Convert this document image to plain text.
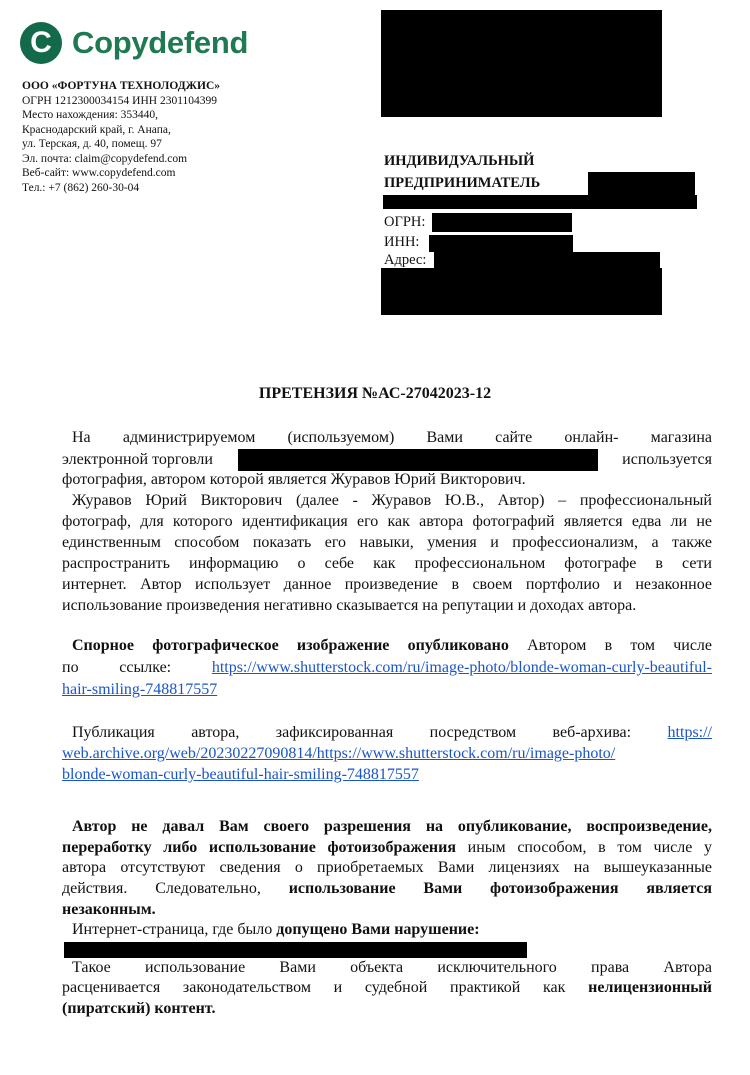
C Copydefend
ООО «ФОРТУНА ТЕХНОЛОДЖИС»
ОГРН 1212300034154 ИНН 2301104399
Место нахождения: 353440,
Краснодарский край, г. Анапа,
ул. Терская, д. 40, помещ. 97
Эл. почта: claim@copydefend.com
Веб-сайт: www.copydefend.com
Тел.: +7 (862) 260-30-04
ИНДИВИДУАЛЬНЫЙ
ПРЕДПРИНИМАТЕЛЬ
ОГРН:
ИНН:
Адрес:
ПРЕТЕНЗИЯ №АС-27042023-12
На администрируемом (используемом) Вами сайте онлайн- магазина
электронной торговли	используется
фотография, автором которой является Журавов Юрий Викторович.
Журавов Юрий Викторович (далее - Журавов Ю.В., Автор) – профессиональный
фотограф, для которого идентификация его как автора фотографий является едва ли не
единственным способом показать его навыки, умения и профессионализм, а также
распространить информацию о себе как профессиональном фотографе в сети
интернет. Автор использует данное произведение в своем портфолио и незаконное
использование произведения негативно сказывается на репутации и доходах автора.
Спорное фотографическое изображение опубликовано Автором в том числе
по ссылке: https://www.shutterstock.com/ru/image-photo/blonde-woman-curly-beautiful-
hair-smiling-748817557
Публикация автора, зафиксированная посредством веб-архива: https://
web.archive.org/web/20230227090814/https://www.shutterstock.com/ru/image-photo/
blonde-woman-curly-beautiful-hair-smiling-748817557
Автор не давал Вам своего разрешения на опубликование, воспроизведение,
переработку либо использование фотоизображения иным способом, в том числе у
автора отсутствуют сведения о приобретаемых Вами лицензиях на вышеуказанные
действия. Следовательно, использование Вами фотоизображения является
незаконным.
Интернет-страница, где было допущено Вами нарушение:
Такое использование Вами объекта исключительного права Автора
расценивается законодательством и судебной практикой как нелицензионный
(пиратский) контент.
